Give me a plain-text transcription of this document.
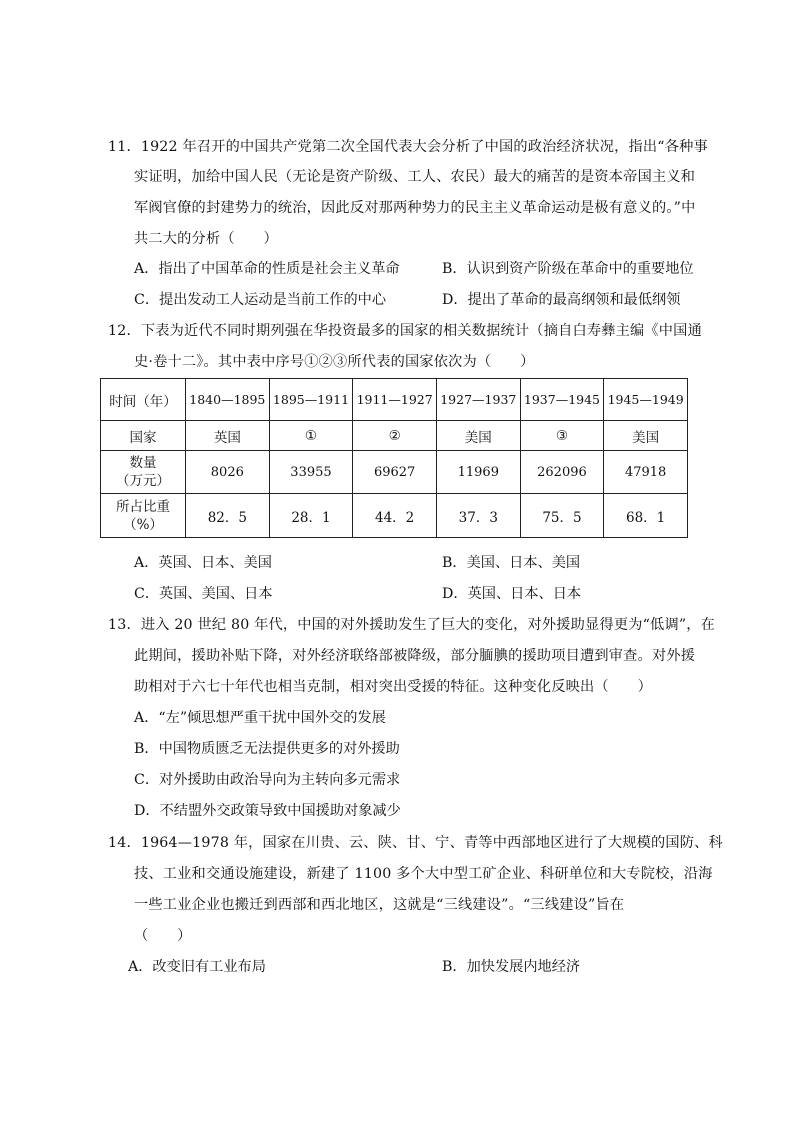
11．1922 年召开的中国共产党第二次全国代表大会分析了中国的政治经济状况，指出“各种事
实证明，加给中国人民（无论是资产阶级、工人、农民）最大的痛苦的是资本帝国主义和
军阀官僚的封建势力的统治，因此反对那两种势力的民主主义革命运动是极有意义的。”中
共二大的分析（　　）
A．指出了中国革命的性质是社会主义革命	B．认识到资产阶级在革命中的重要地位
C．提出发动工人运动是当前工作的中心	D．提出了革命的最高纲领和最低纲领
12．下表为近代不同时期列强在华投资最多的国家的相关数据统计（摘自白寿彝主编《中国通
史·卷十二》。其中表中序号①②③所代表的国家依次为（　　）
时间（年）	1840—1895	1895—1911	1911—1927	1927—1937	1937—1945	1945—1949
国家	英国	①	②	美国	③	美国

数量
（万元）	8026	33955	69627	11969	262096	47918

所占比重
（%）	82．5	28．1	44．2	37．3	75．5	68．1
A．英国、日本、美国	B．美国、日本、美国
C．英国、美国、日本	D．英国、日本、日本
13．进入 20 世纪 80 年代，中国的对外援助发生了巨大的变化，对外援助显得更为“低调”，在
此期间，援助补贴下降，对外经济联络部被降级，部分腼腆的援助项目遭到审查。对外援
助相对于六七十年代也相当克制，相对突出受援的特征。这种变化反映出（　　）
A．“左”倾思想严重干扰中国外交的发展
B．中国物质匮乏无法提供更多的对外援助
C．对外援助由政治导向为主转向多元需求
D．不结盟外交政策导致中国援助对象减少
14．1964—1978 年，国家在川贵、云、陕、甘、宁、青等中西部地区进行了大规模的国防、科
技、工业和交通设施建设，新建了 1100 多个大中型工矿企业、科研单位和大专院校，沿海
一些工业企业也搬迁到西部和西北地区，这就是“三线建设”。“三线建设”旨在
（　　）
A．改变旧有工业布局	B．加快发展内地经济
